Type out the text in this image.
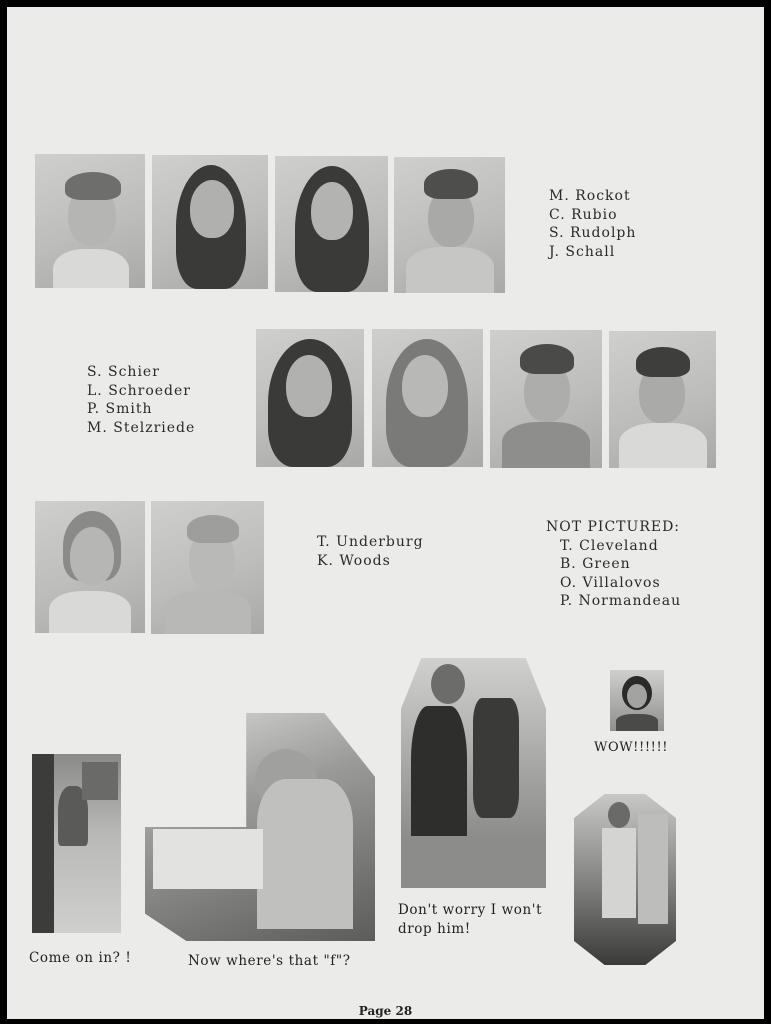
M. Rockot
C. Rubio
S. Rudolph
J. Schall
S. Schier
L. Schroeder
P. Smith
M. Stelzriede
T. Underburg
K. Woods
NOT PICTURED:
T. Cleveland
B. Green
O. Villalovos
P. Normandeau
Come on in? !	Now where's that "f"?
Don't worry I won't
drop him!
WOW!!!!!!
Page 28
